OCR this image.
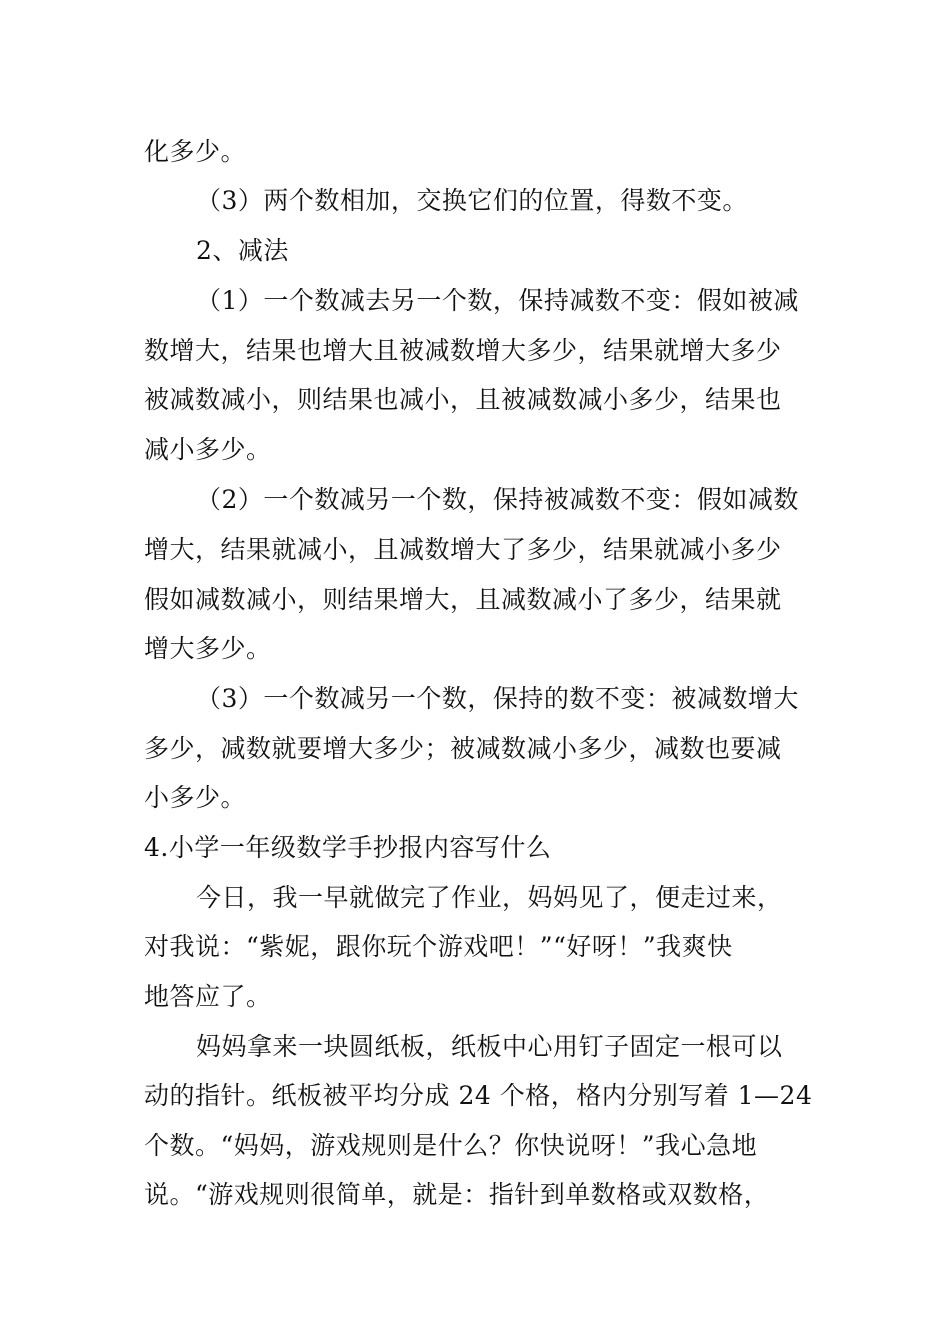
化多少。
（3）两个数相加，交换它们的位置，得数不变。
2、减法
（1）一个数减去另一个数，保持减数不变：假如被减
数增大，结果也增大且被减数增大多少，结果就增大多少
被减数减小，则结果也减小，且被减数减小多少，结果也
减小多少。
（2）一个数减另一个数，保持被减数不变：假如减数
增大，结果就减小，且减数增大了多少，结果就减小多少
假如减数减小，则结果增大，且减数减小了多少，结果就
增大多少。
（3）一个数减另一个数，保持的数不变：被减数增大
多少，减数就要增大多少；被减数减小多少，减数也要减
小多少。
4.小学一年级数学手抄报内容写什么
今日，我一早就做完了作业，妈妈见了，便走过来，
对我说：“紫妮，跟你玩个游戏吧！”“好呀！”我爽快
地答应了。
妈妈拿来一块圆纸板，纸板中心用钉子固定一根可以
动的指针。纸板被平均分成 24 个格，格内分别写着 1—24
个数。“妈妈，游戏规则是什么？你快说呀！”我心急地
说。“游戏规则很简单，就是：指针到单数格或双数格，
